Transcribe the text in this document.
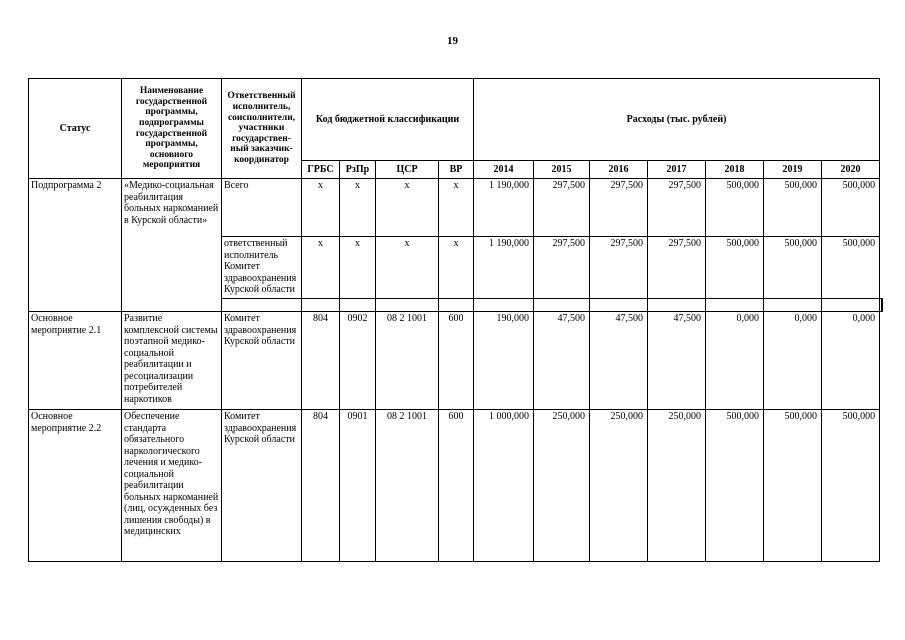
19
Статус	Наименование государственной программы, подпрограммы государственной программы, основного мероприятия	Ответственный исполнитель, соисполнители, участники государствен-ный заказчик-координатор	Код бюджетной классификации				Расходы (тыс. рублей)								
			ГРБС	РзПр	ЦСР	ВР	2014	2015	2016	2017	2018	2019	2020		
Подпрограмма 2	«Медико-социальная реабилитация больных наркоманией в Курской области»	Всего	х	х	х	х	1 190,000	297,500	297,500	297,500	500,000	500,000	500,000		
		ответственный исполнитель Комитет здравоохранения Курской области	х	х	х	х	1 190,000	297,500	297,500	297,500	500,000	500,000	500,000		

Основное мероприятие 2.1	Развитие комплексной системы поэтапной медико-социальной реабилитации и ресоциализации потребителей наркотиков	Комитет здравоохранения Курской области	804	0902	08 2 1001	600	190,000	47,500	47,500	47,500	0,000	0,000	0,000		
Основное мероприятие 2.2	Обеспечение стандарта обязательного наркологического лечения и медико-социальной реабилитации больных наркоманией (лиц, осужденных без лишения свободы) в медицинских	Комитет здравоохранения Курской области	804	0901	08 2 1001	600	1 000,000	250,000	250,000	250,000	500,000	500,000	500,000		
